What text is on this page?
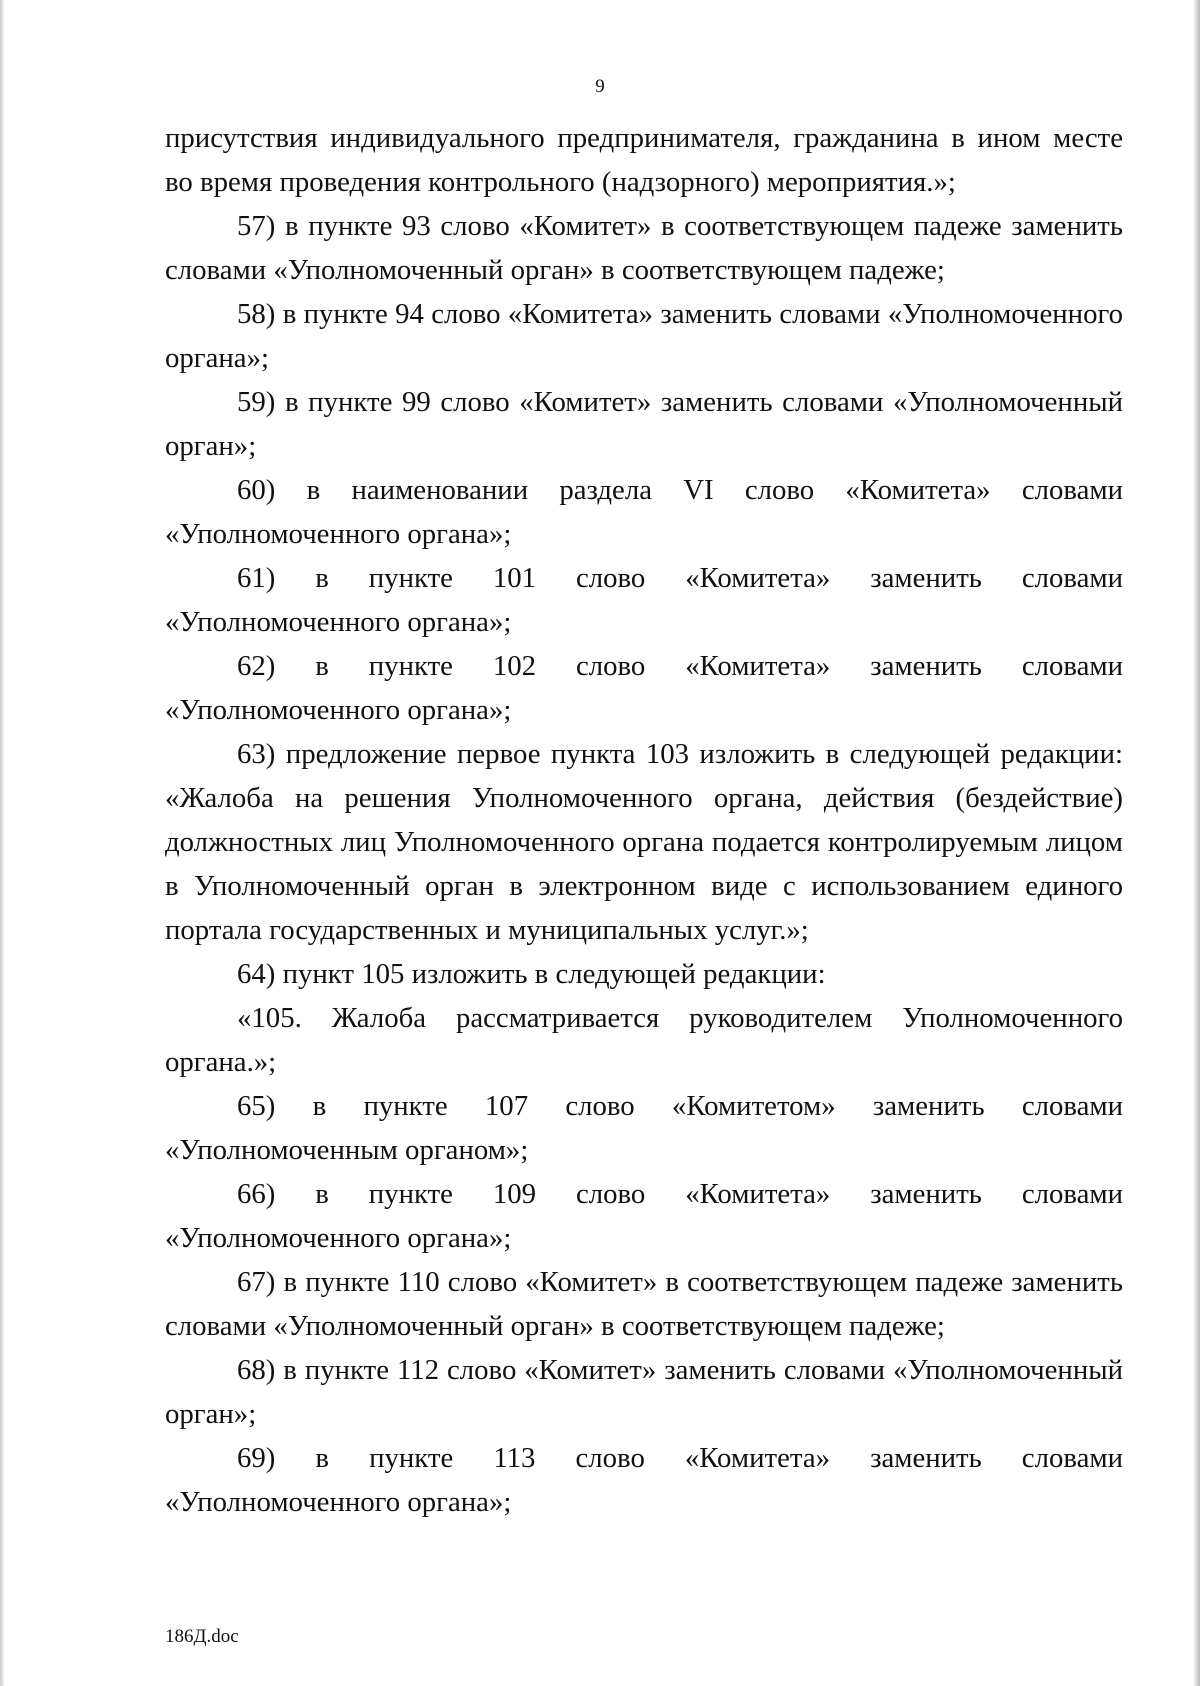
9

присутствия индивидуального предпринимателя, гражданина в ином месте во время проведения контрольного (надзорного) мероприятия.»;

57) в пункте 93 слово «Комитет» в соответствующем падеже заменить словами «Уполномоченный орган» в соответствующем падеже;

58) в пункте 94 слово «Комитета» заменить словами «Уполномоченного органа»;

59) в пункте 99 слово «Комитет» заменить словами «Уполномоченный орган»;

60) в наименовании раздела VI слово «Комитета» словами «Уполномоченного органа»;

61) в пункте 101 слово «Комитета» заменить словами «Уполномоченного органа»;

62) в пункте 102 слово «Комитета» заменить словами «Уполномоченного органа»;

63) предложение первое пункта 103 изложить в следующей редакции: «Жалоба на решения Уполномоченного органа, действия (бездействие) должностных лиц Уполномоченного органа подается контролируемым лицом в Уполномоченный орган в электронном виде с использованием единого портала государственных и муниципальных услуг.»;

64) пункт 105 изложить в следующей редакции:

«105. Жалоба рассматривается руководителем Уполномоченного органа.»;

65) в пункте 107 слово «Комитетом» заменить словами «Уполномоченным органом»;

66) в пункте 109 слово «Комитета» заменить словами «Уполномоченного органа»;

67) в пункте 110 слово «Комитет» в соответствующем падеже заменить словами «Уполномоченный орган» в соответствующем падеже;

68) в пункте 112 слово «Комитет» заменить словами «Уполномоченный орган»;

69) в пункте 113 слово «Комитета» заменить словами «Уполномоченного органа»;

186Д.doc
